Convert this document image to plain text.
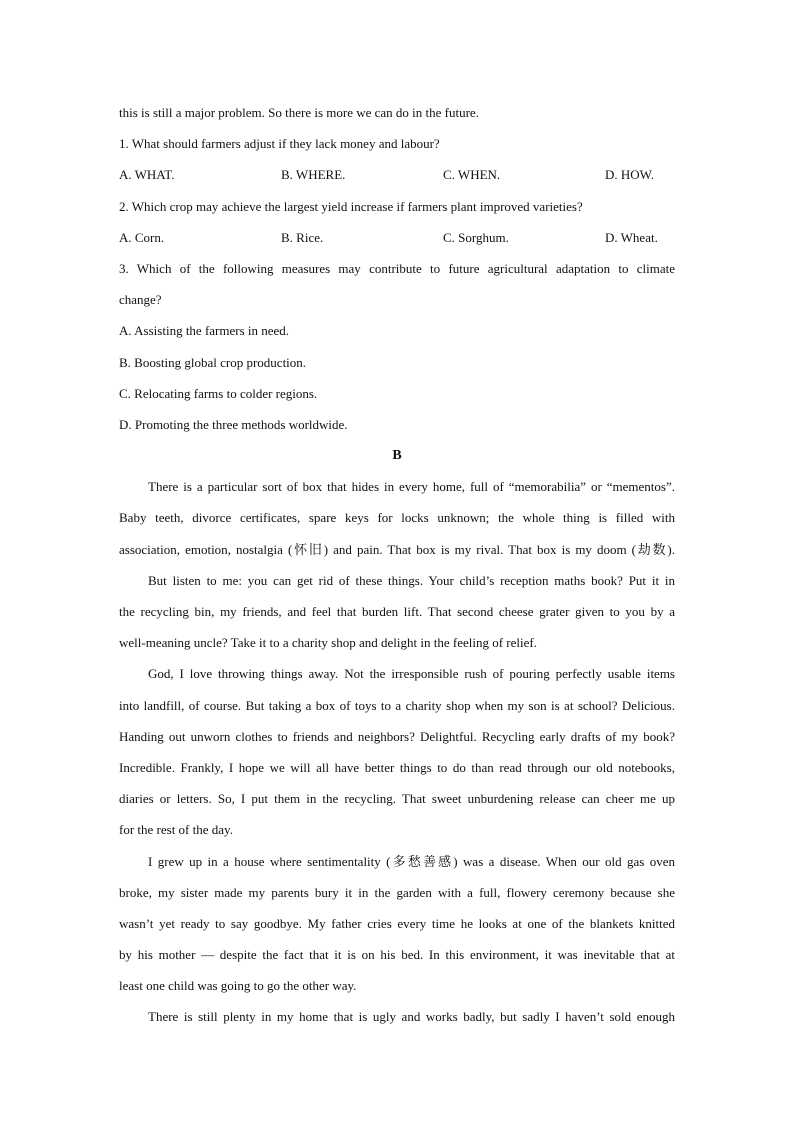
this is still a major problem. So there is more we can do in the future.
1. What should farmers adjust if they lack money and labour?
A. WHAT.	B. WHERE.	C. WHEN.	D. HOW.
2. Which crop may achieve the largest yield increase if farmers plant improved varieties?
A. Corn.	B. Rice.	C. Sorghum.	D. Wheat.
3. Which of the following measures may contribute to future agricultural adaptation to climate
change?
A. Assisting the farmers in need.
B. Boosting global crop production.
C. Relocating farms to colder regions.
D. Promoting the three methods worldwide.
B
There is a particular sort of box that hides in every home, full of “memorabilia” or “mementos”.
Baby teeth, divorce certificates, spare keys for locks unknown; the whole thing is filled with
association, emotion, nostalgia (怀旧) and pain. That box is my rival. That box is my doom (劫数).
But listen to me: you can get rid of these things. Your child’s reception maths book? Put it in
the recycling bin, my friends, and feel that burden lift. That second cheese grater given to you by a
well-meaning uncle? Take it to a charity shop and delight in the feeling of relief.
God, I love throwing things away. Not the irresponsible rush of pouring perfectly usable items
into landfill, of course. But taking a box of toys to a charity shop when my son is at school? Delicious.
Handing out unworn clothes to friends and neighbors? Delightful. Recycling early drafts of my book?
Incredible. Frankly, I hope we will all have better things to do than read through our old notebooks,
diaries or letters. So, I put them in the recycling. That sweet unburdening release can cheer me up
for the rest of the day.
I grew up in a house where sentimentality (多愁善感) was a disease. When our old gas oven
broke, my sister made my parents bury it in the garden with a full, flowery ceremony because she
wasn’t yet ready to say goodbye. My father cries every time he looks at one of the blankets knitted
by his mother — despite the fact that it is on his bed. In this environment, it was inevitable that at
least one child was going to go the other way.
There is still plenty in my home that is ugly and works badly, but sadly I haven’t sold enough
